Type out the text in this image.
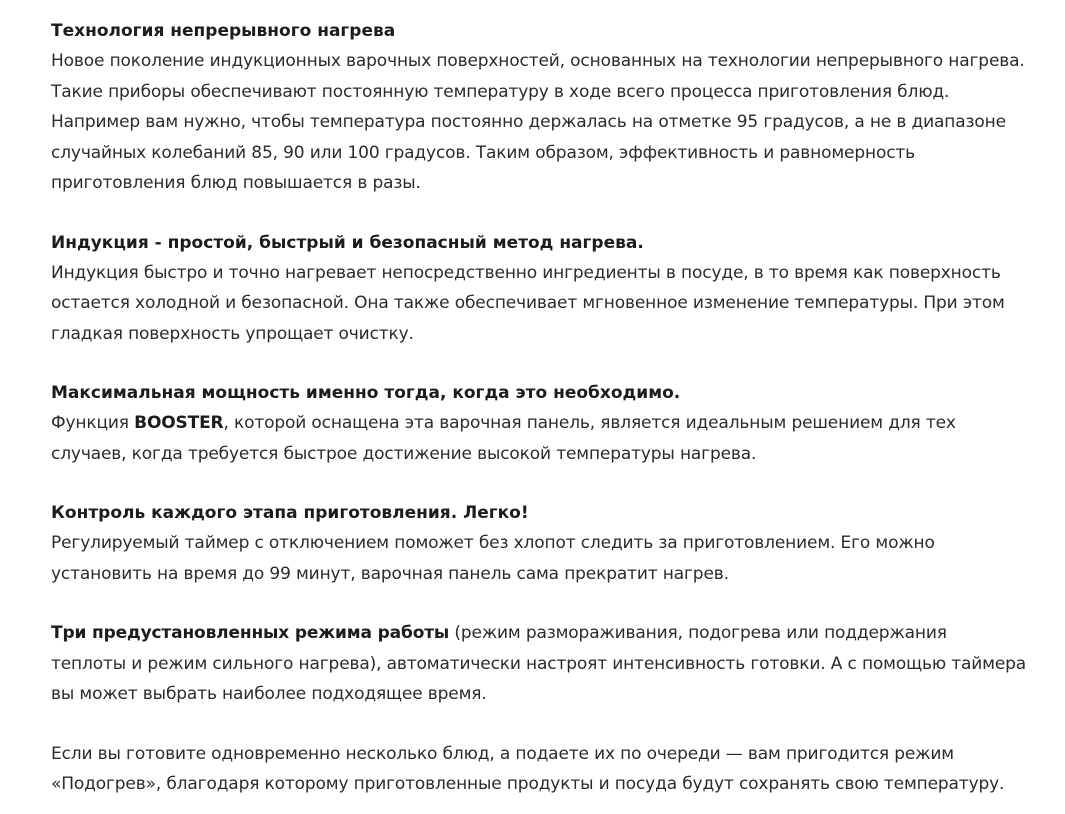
Технология непрерывного нагрева

Новое поколение индукционных варочных поверхностей, основанных на технологии непрерывного нагрева.

Такие приборы обеспечивают постоянную температуру в ходе всего процесса приготовления блюд.

Например вам нужно, чтобы температура постоянно держалась на отметке 95 градусов, а не в диапазоне

случайных колебаний 85, 90 или 100 градусов. Таким образом, эффективность и равномерность

приготовления блюд повышается в разы.

Индукция - простой, быстрый и безопасный метод нагрева.

Индукция быстро и точно нагревает непосредственно ингредиенты в посуде, в то время как поверхность

остается холодной и безопасной. Она также обеспечивает мгновенное изменение температуры. При этом

гладкая поверхность упрощает очистку.

Максимальная мощность именно тогда, когда это необходимо.

Функция BOOSTER, которой оснащена эта варочная панель, является идеальным решением для тех

случаев, когда требуется быстрое достижение высокой температуры нагрева.

Контроль каждого этапа приготовления. Легко!

Регулируемый таймер с отключением поможет без хлопот следить за приготовлением. Его можно

установить на время до 99 минут, варочная панель сама прекратит нагрев.

Три предустановленных режима работы (режим размораживания, подогрева или поддержания

теплоты и режим сильного нагрева), автоматически настроят интенсивность готовки. А с помощью таймера

вы может выбрать наиболее подходящее время.

Если вы готовите одновременно несколько блюд, а подаете их по очереди — вам пригодится режим

«Подогрев», благодаря которому приготовленные продукты и посуда будут сохранять свою температуру.
